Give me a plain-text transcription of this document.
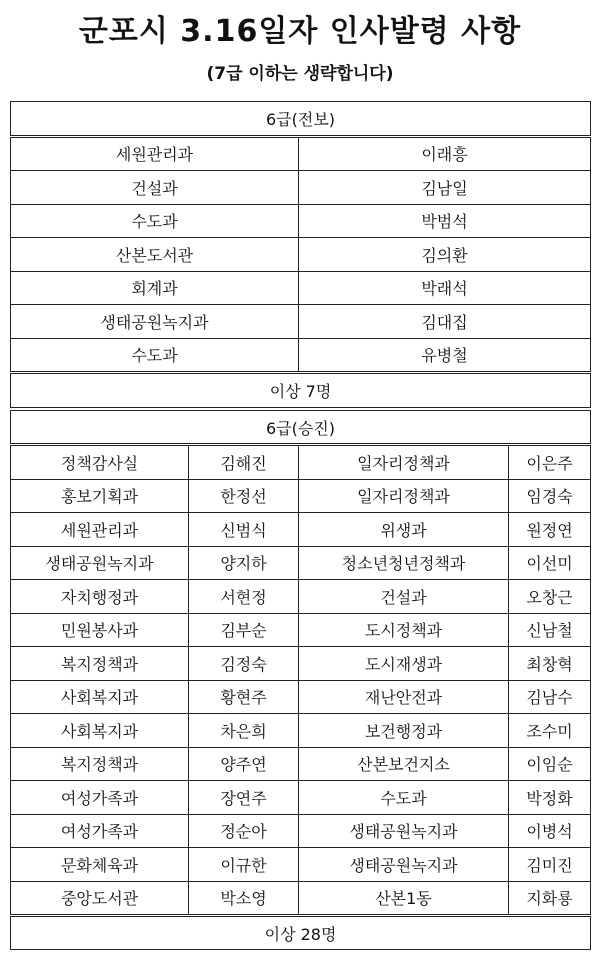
군포시 3.16일자 인사발령 사항
(7급 이하는 생략합니다)
6급(전보)	
세원관리과	이래흥
건설과	김남일
수도과	박범석
산본도서관	김의환
회계과	박래석
생태공원녹지과	김대집
수도과	유병철
이상 7명	
6급(승진)			
정책감사실	김해진	일자리정책과	이은주
홍보기획과	한정선	일자리정책과	임경숙
세원관리과	신범식	위생과	원정연
생태공원녹지과	양지하	청소년청년정책과	이선미
자치행정과	서현정	건설과	오창근
민원봉사과	김부순	도시정책과	신남철
복지정책과	김정숙	도시재생과	최창혁
사회복지과	황현주	재난안전과	김남수
사회복지과	차은희	보건행정과	조수미
복지정책과	양주연	산본보건지소	이임순
여성가족과	장연주	수도과	박정화
여성가족과	정순아	생태공원녹지과	이병석
문화체육과	이규한	생태공원녹지과	김미진
중앙도서관	박소영	산본1동	지화룡
이상 28명			
